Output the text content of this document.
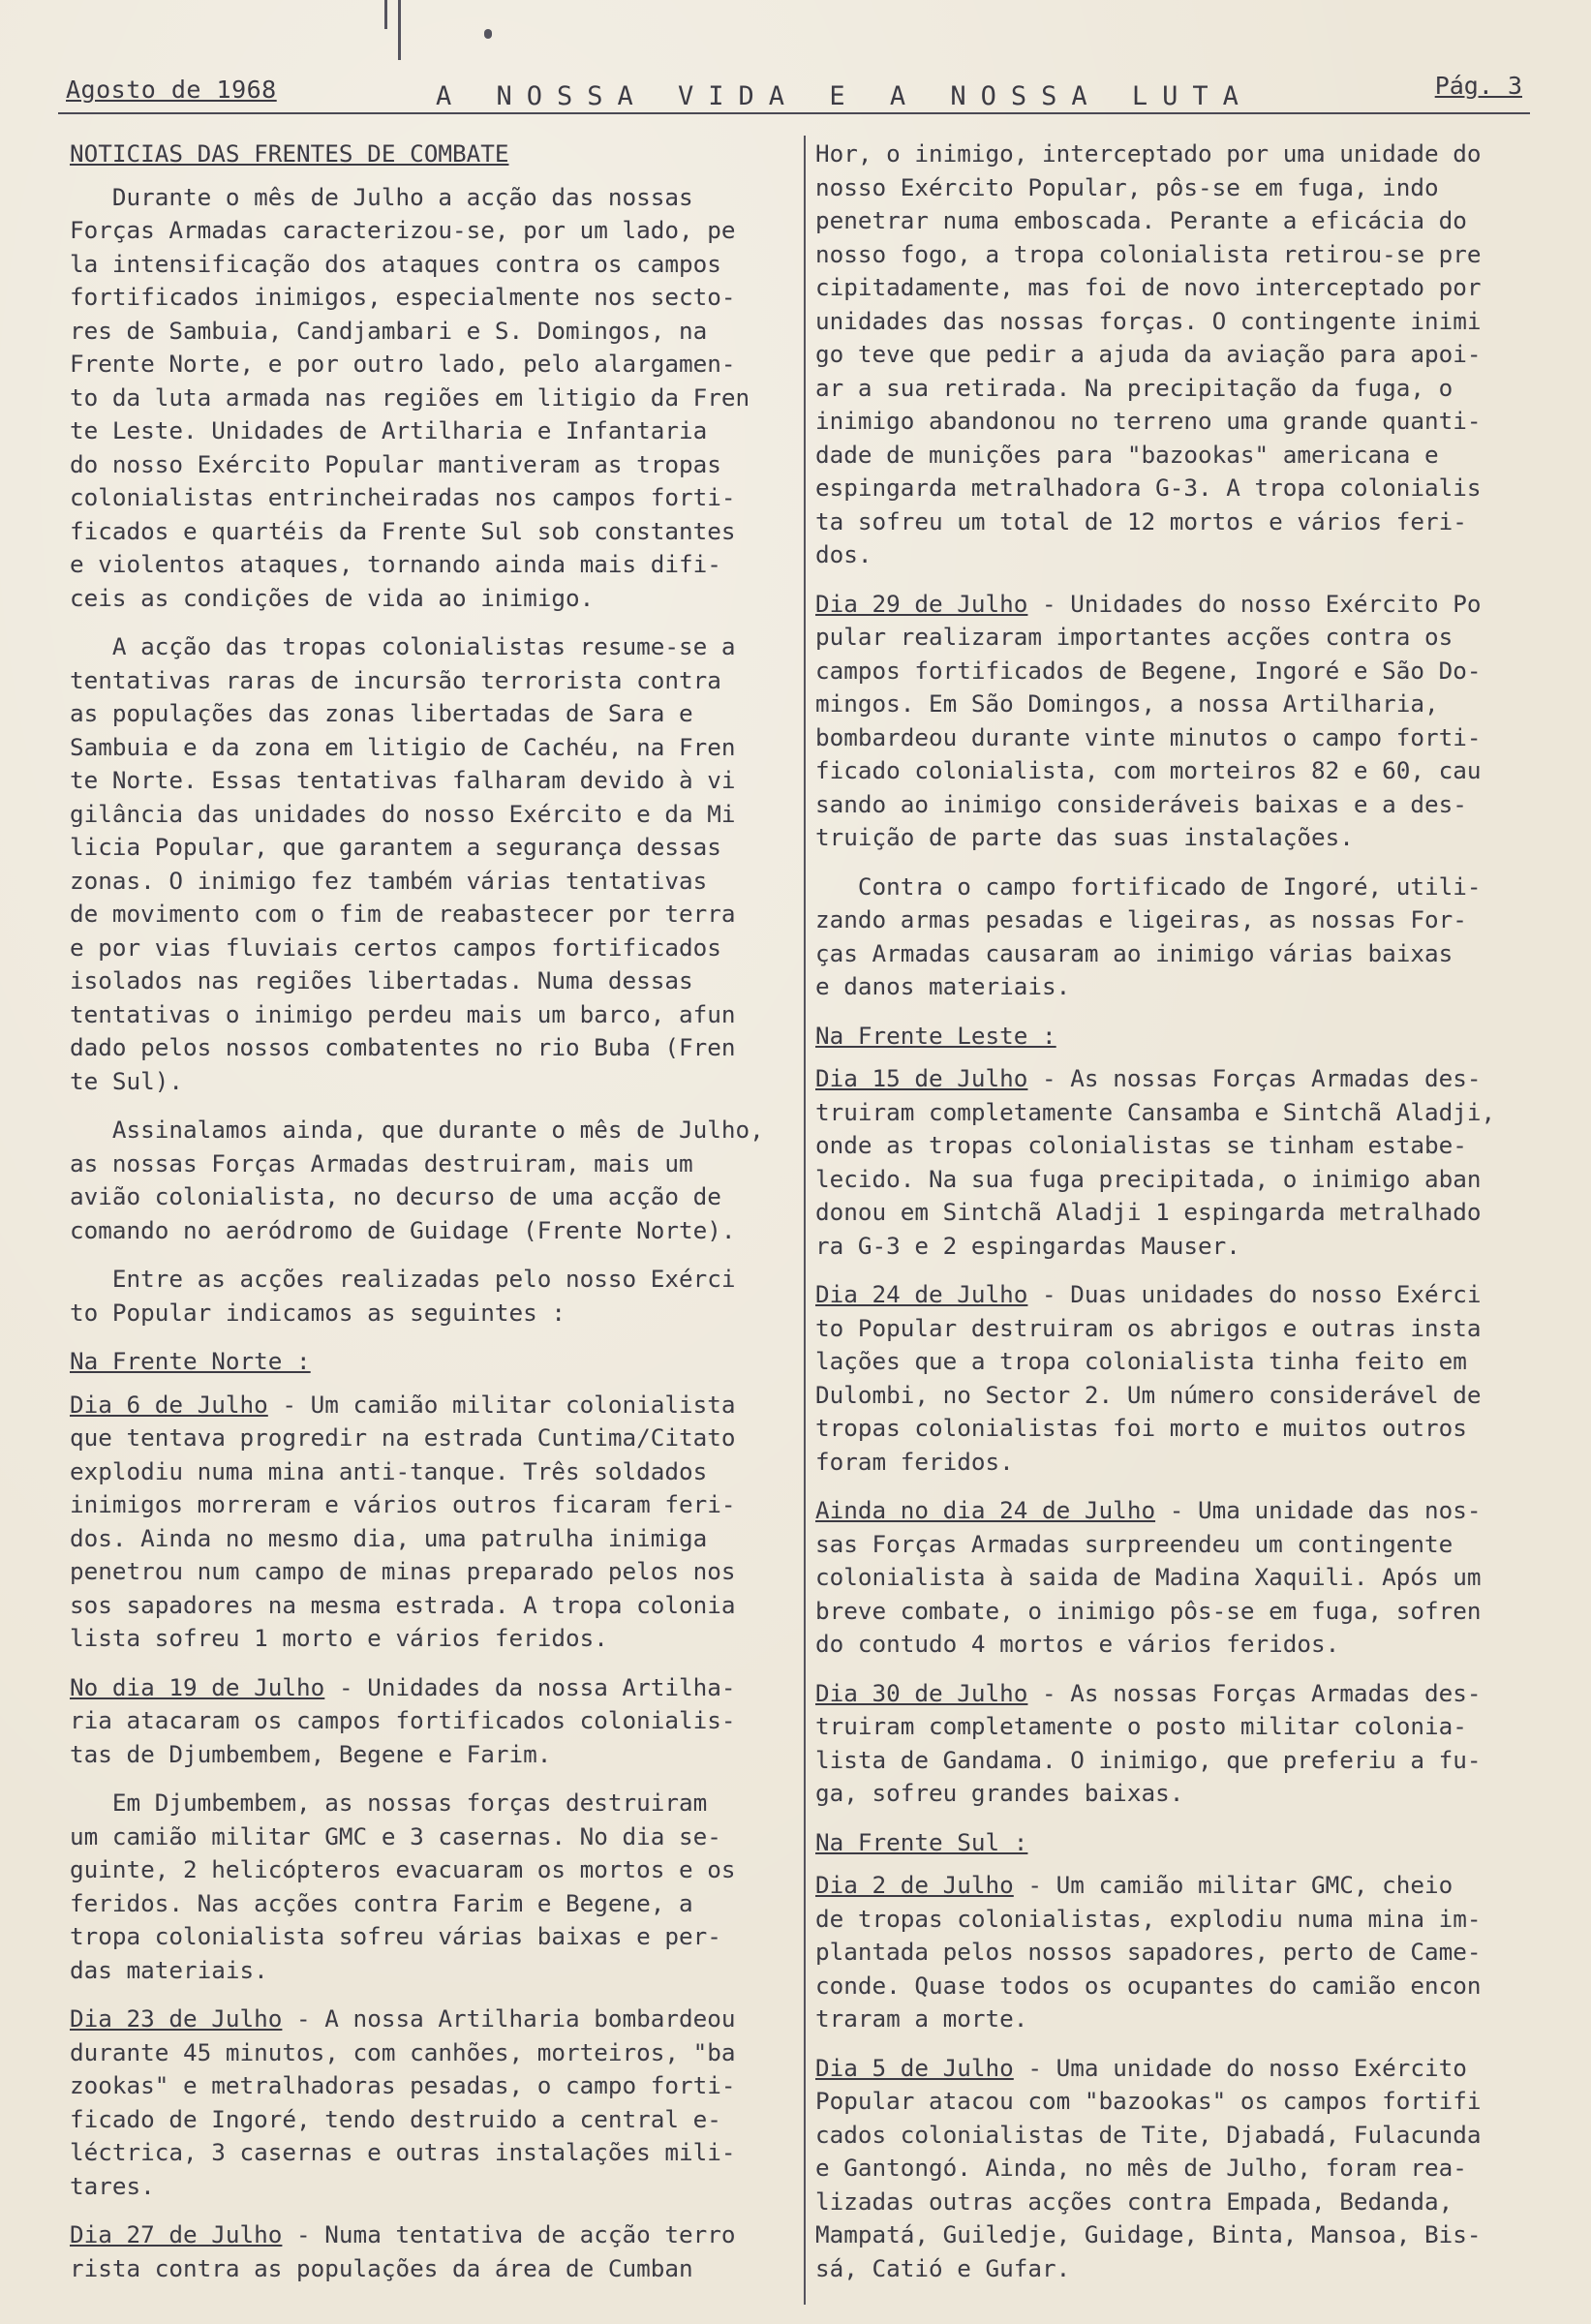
Agosto de 1968	A NOSSA VIDA E A NOSSA LUTA	Pág. 3
NOTICIAS DAS FRENTES DE COMBATE
Durante o mês de Julho a acção das nossas
Forças Armadas caracterizou-se, por um lado, pe
la intensificação dos ataques contra os campos
fortificados inimigos, especialmente nos secto-
res de Sambuia, Candjambari e S. Domingos, na
Frente Norte, e por outro lado, pelo alargamen-
to da luta armada nas regiões em litigio da Fren
te Leste. Unidades de Artilharia e Infantaria
do nosso Exército Popular mantiveram as tropas
colonialistas entrincheiradas nos campos forti-
ficados e quartéis da Frente Sul sob constantes
e violentos ataques, tornando ainda mais difi-
ceis as condições de vida ao inimigo.
A acção das tropas colonialistas resume-se a
tentativas raras de incursão terrorista contra
as populações das zonas libertadas de Sara e
Sambuia e da zona em litigio de Cachéu, na Fren
te Norte. Essas tentativas falharam devido à vi
gilância das unidades do nosso Exército e da Mi
licia Popular, que garantem a segurança dessas
zonas. O inimigo fez também várias tentativas
de movimento com o fim de reabastecer por terra
e por vias fluviais certos campos fortificados
isolados nas regiões libertadas. Numa dessas
tentativas o inimigo perdeu mais um barco, afun
dado pelos nossos combatentes no rio Buba (Fren
te Sul).
Assinalamos ainda, que durante o mês de Julho,
as nossas Forças Armadas destruiram, mais um
avião colonialista, no decurso de uma acção de
comando no aeródromo de Guidage (Frente Norte).
Entre as acções realizadas pelo nosso Exérci
to Popular indicamos as seguintes :
Na Frente Norte :
Dia 6 de Julho - Um camião militar colonialista
que tentava progredir na estrada Cuntima/Citato
explodiu numa mina anti-tanque. Três soldados
inimigos morreram e vários outros ficaram feri-
dos. Ainda no mesmo dia, uma patrulha inimiga
penetrou num campo de minas preparado pelos nos
sos sapadores na mesma estrada. A tropa colonia
lista sofreu 1 morto e vários feridos.
No dia 19 de Julho - Unidades da nossa Artilha-
ria atacaram os campos fortificados colonialis-
tas de Djumbembem, Begene e Farim.
Em Djumbembem, as nossas forças destruiram
um camião militar GMC e 3 casernas. No dia se-
guinte, 2 helicópteros evacuaram os mortos e os
feridos. Nas acções contra Farim e Begene, a
tropa colonialista sofreu várias baixas e per-
das materiais.
Dia 23 de Julho - A nossa Artilharia bombardeou
durante 45 minutos, com canhões, morteiros, "ba
zookas" e metralhadoras pesadas, o campo forti-
ficado de Ingoré, tendo destruido a central e-
léctrica, 3 casernas e outras instalações mili-
tares.
Dia 27 de Julho - Numa tentativa de acção terro
rista contra as populações da área de Cumban
Hor, o inimigo, interceptado por uma unidade do
nosso Exército Popular, pôs-se em fuga, indo
penetrar numa emboscada. Perante a eficácia do
nosso fogo, a tropa colonialista retirou-se pre
cipitadamente, mas foi de novo interceptado por
unidades das nossas forças. O contingente inimi
go teve que pedir a ajuda da aviação para apoi-
ar a sua retirada. Na precipitação da fuga, o
inimigo abandonou no terreno uma grande quanti-
dade de munições para "bazookas" americana e
espingarda metralhadora G-3. A tropa colonialis
ta sofreu um total de 12 mortos e vários feri-
dos.
Dia 29 de Julho - Unidades do nosso Exército Po
pular realizaram importantes acções contra os
campos fortificados de Begene, Ingoré e São Do-
mingos. Em São Domingos, a nossa Artilharia,
bombardeou durante vinte minutos o campo forti-
ficado colonialista, com morteiros 82 e 60, cau
sando ao inimigo consideráveis baixas e a des-
truição de parte das suas instalações.
Contra o campo fortificado de Ingoré, utili-
zando armas pesadas e ligeiras, as nossas For-
ças Armadas causaram ao inimigo várias baixas
e danos materiais.
Na Frente Leste :
Dia 15 de Julho - As nossas Forças Armadas des-
truiram completamente Cansamba e Sintchã Aladji,
onde as tropas colonialistas se tinham estabe-
lecido. Na sua fuga precipitada, o inimigo aban
donou em Sintchã Aladji 1 espingarda metralhado
ra G-3 e 2 espingardas Mauser.
Dia 24 de Julho - Duas unidades do nosso Exérci
to Popular destruiram os abrigos e outras insta
lações que a tropa colonialista tinha feito em
Dulombi, no Sector 2. Um número considerável de
tropas colonialistas foi morto e muitos outros
foram feridos.
Ainda no dia 24 de Julho - Uma unidade das nos-
sas Forças Armadas surpreendeu um contingente
colonialista à saida de Madina Xaquili. Após um
breve combate, o inimigo pôs-se em fuga, sofren
do contudo 4 mortos e vários feridos.
Dia 30 de Julho - As nossas Forças Armadas des-
truiram completamente o posto militar colonia-
lista de Gandama. O inimigo, que preferiu a fu-
ga, sofreu grandes baixas.
Na Frente Sul :
Dia 2 de Julho - Um camião militar GMC, cheio
de tropas colonialistas, explodiu numa mina im-
plantada pelos nossos sapadores, perto de Came-
conde. Quase todos os ocupantes do camião encon
traram a morte.
Dia 5 de Julho - Uma unidade do nosso Exército
Popular atacou com "bazookas" os campos fortifi
cados colonialistas de Tite, Djabadá, Fulacunda
e Gantongó. Ainda, no mês de Julho, foram rea-
lizadas outras acções contra Empada, Bedanda,
Mampatá, Guiledje, Guidage, Binta, Mansoa, Bis-
sá, Catió e Gufar.
